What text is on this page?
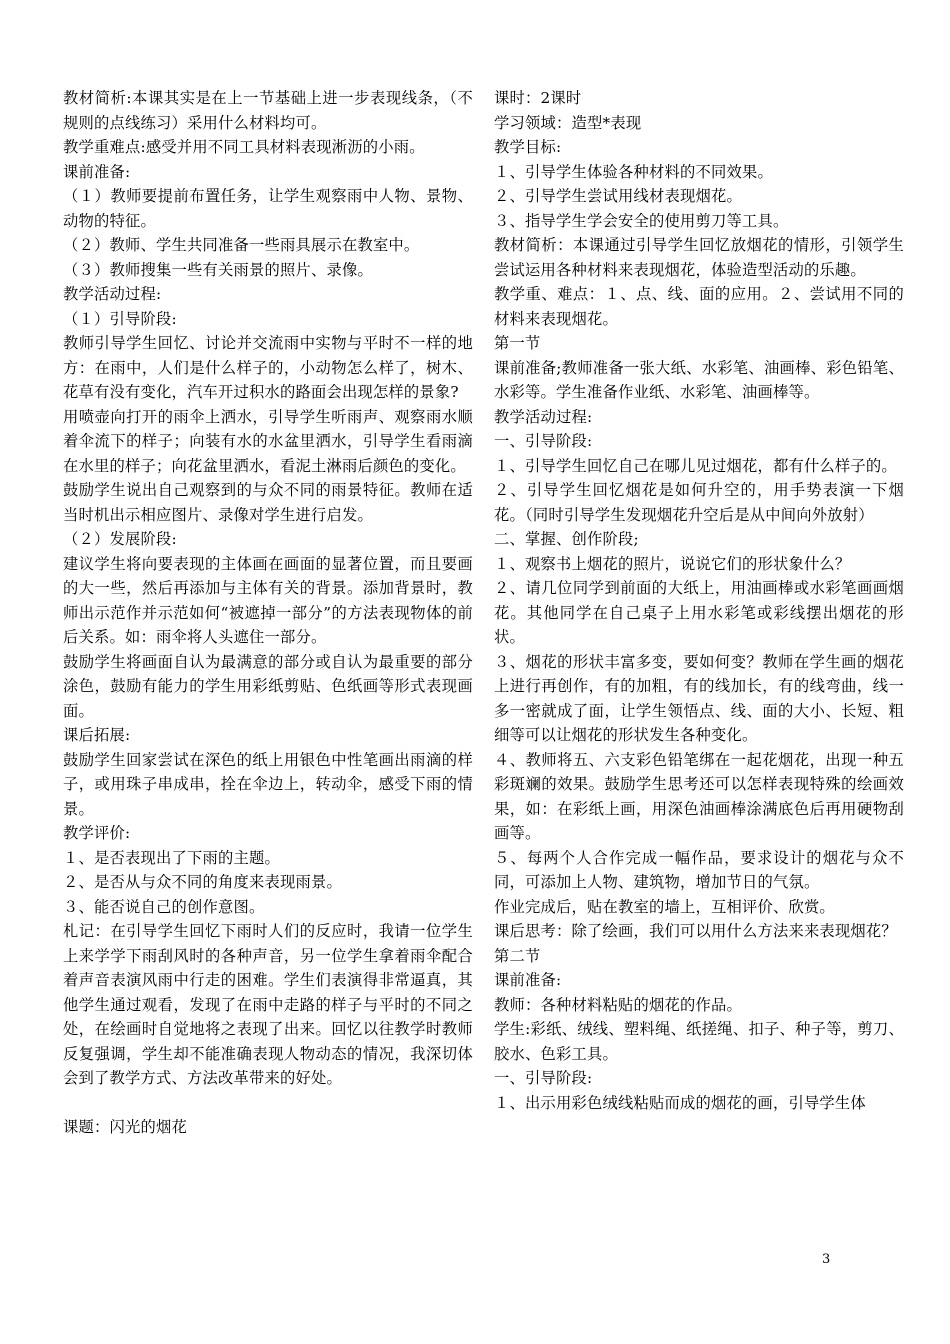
教材简析:本课其实是在上一节基础上进一步表现线条，（不规则的点线练习）采用什么材料均可。

教学重难点:感受并用不同工具材料表现淅沥的小雨。

课前准备:

（１）教师要提前布置任务，让学生观察雨中人物、景物、动物的特征。

（２）教师、学生共同准备一些雨具展示在教室中。

（３）教师搜集一些有关雨景的照片、录像。

教学活动过程:

（１）引导阶段:

教师引导学生回忆、讨论并交流雨中实物与平时不一样的地方：在雨中，人们是什么样子的，小动物怎么样了，树木、花草有没有变化，汽车开过积水的路面会出现怎样的景象?

用喷壶向打开的雨伞上洒水，引导学生听雨声、观察雨水顺着伞流下的样子；向装有水的水盆里洒水，引导学生看雨滴在水里的样子；向花盆里洒水，看泥土淋雨后颜色的变化。

鼓励学生说出自己观察到的与众不同的雨景特征。教师在适当时机出示相应图片、录像对学生进行启发。

（２）发展阶段:

建议学生将向要表现的主体画在画面的显著位置，而且要画的大一些，然后再添加与主体有关的背景。添加背景时，教师出示范作并示范如何“被遮掉一部分”的方法表现物体的前后关系。如：雨伞将人头遮住一部分。

鼓励学生将画面自认为最满意的部分或自认为最重要的部分涂色，鼓励有能力的学生用彩纸剪贴、色纸画等形式表现画面。

课后拓展:

鼓励学生回家尝试在深色的纸上用银色中性笔画出雨滴的样子，或用珠子串成串，拴在伞边上，转动伞，感受下雨的情景。

教学评价:

１、是否表现出了下雨的主题。

２、是否从与众不同的角度来表现雨景。

３、能否说自己的创作意图。

札记：在引导学生回忆下雨时人们的反应时，我请一位学生上来学学下雨刮风时的各种声音，另一位学生拿着雨伞配合着声音表演风雨中行走的困难。学生们表演得非常逼真，其他学生通过观看，发现了在雨中走路的样子与平时的不同之处，在绘画时自觉地将之表现了出来。回忆以往教学时教师反复强调，学生却不能准确表现人物动态的情况，我深切体会到了教学方式、方法改革带来的好处。

课题：闪光的烟花

课时：2课时

学习领域：造型*表现

教学目标:

１、引导学生体验各种材料的不同效果。

２、引导学生尝试用线材表现烟花。

３、指导学生学会安全的使用剪刀等工具。

教材简析：本课通过引导学生回忆放烟花的情形，引领学生尝试运用各种材料来表现烟花，体验造型活动的乐趣。

教学重、难点：１、点、线、面的应用。２、尝试用不同的材料来表现烟花。

第一节

课前准备;教师准备一张大纸、水彩笔、油画棒、彩色铅笔、水彩等。学生准备作业纸、水彩笔、油画棒等。

教学活动过程:

一、引导阶段:

１、引导学生回忆自己在哪儿见过烟花，都有什么样子的。

２、引导学生回忆烟花是如何升空的，用手势表演一下烟花。（同时引导学生发现烟花升空后是从中间向外放射）

二、掌握、创作阶段;

１、观察书上烟花的照片，说说它们的形状象什么？

２、请几位同学到前面的大纸上，用油画棒或水彩笔画画烟花。其他同学在自己桌子上用水彩笔或彩线摆出烟花的形状。

３、烟花的形状丰富多变，要如何变？教师在学生画的烟花上进行再创作，有的加粗，有的线加长，有的线弯曲，线一多一密就成了面，让学生领悟点、线、面的大小、长短、粗细等可以让烟花的形状发生各种变化。

４、教师将五、六支彩色铅笔绑在一起花烟花，出现一种五彩斑斓的效果。鼓励学生思考还可以怎样表现特殊的绘画效果，如：在彩纸上画，用深色油画棒涂满底色后再用硬物刮画等。

５、每两个人合作完成一幅作品，要求设计的烟花与众不同，可添加上人物、建筑物，增加节日的气氛。

作业完成后，贴在教室的墙上，互相评价、欣赏。

课后思考：除了绘画，我们可以用什么方法来来表现烟花？

第二节

课前准备:

教师：各种材料粘贴的烟花的作品。

学生:彩纸、绒线、塑料绳、纸搓绳、扣子、种子等，剪刀、胶水、色彩工具。

一、引导阶段:

１、出示用彩色绒线粘贴而成的烟花的画，引导学生体

3
